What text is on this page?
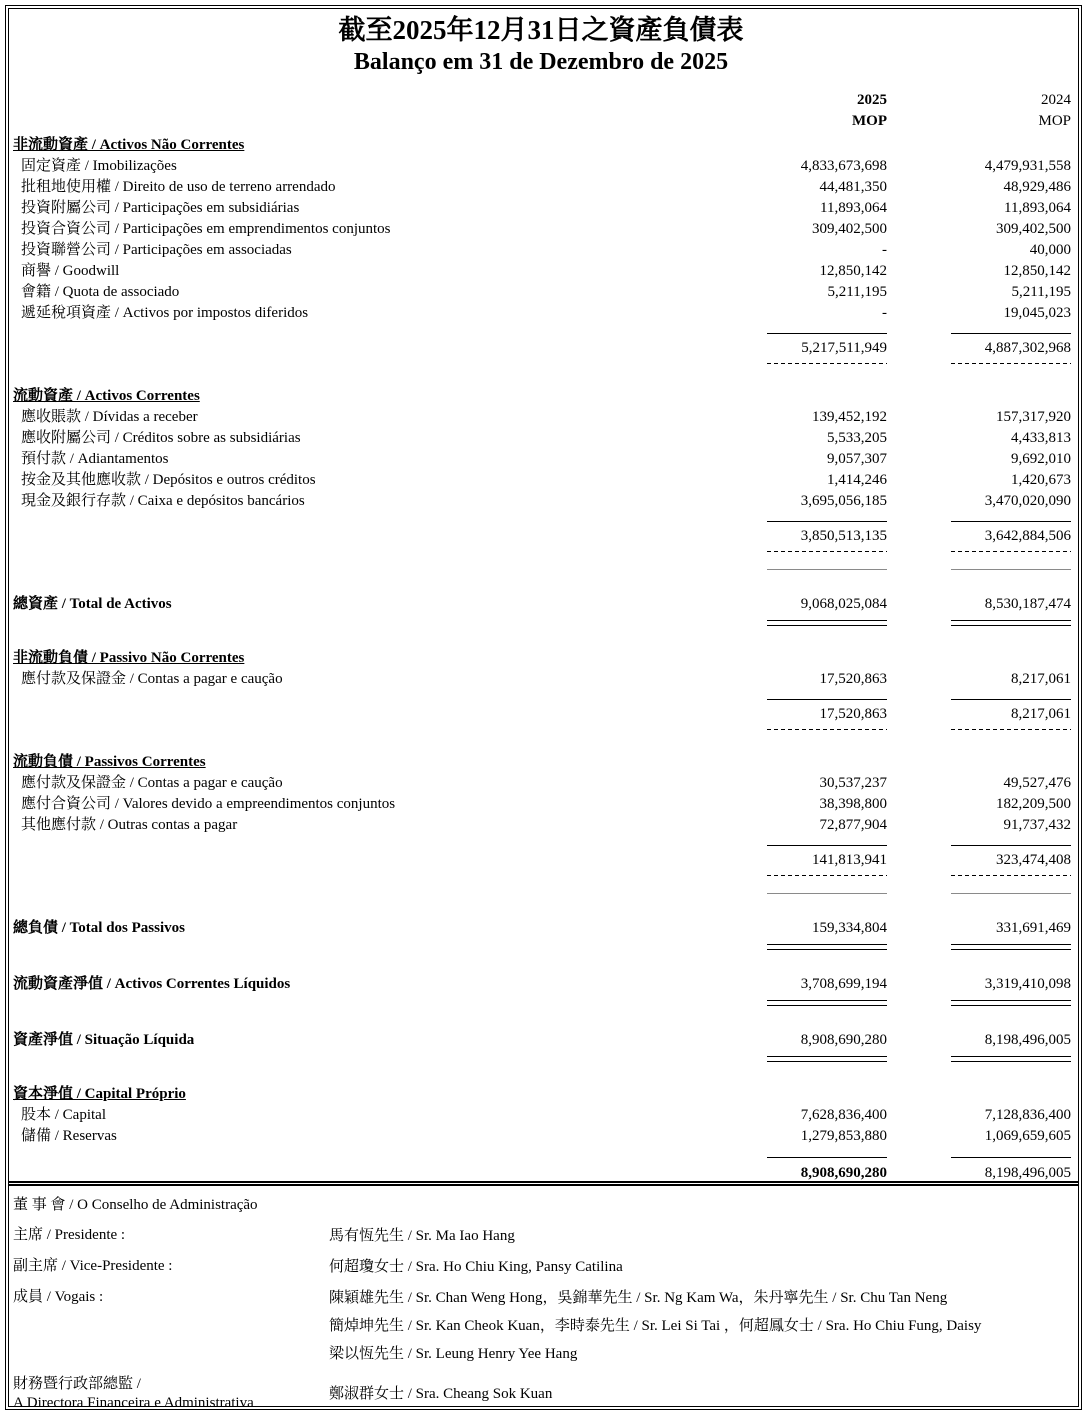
截至2025年12月31日之資產負債表
Balanço em 31 de Dezembro de 2025
2025	2024
MOP	MOP
非流動資產 / Activos Não Correntes
固定資產 / Imobilizações	4,833,673,698	4,479,931,558
批租地使用權 / Direito de uso de terreno arrendado	44,481,350	48,929,486
投資附屬公司 / Participações em subsidiárias	11,893,064	11,893,064
投資合資公司 / Participações em emprendimentos conjuntos	309,402,500	309,402,500
投資聯營公司 / Participações em associadas	-	40,000
商譽 / Goodwill	12,850,142	12,850,142
會籍 / Quota de associado	5,211,195	5,211,195
遞延稅項資產 / Activos por impostos diferidos	-	19,045,023
5,217,511,949	4,887,302,968
流動資產 / Activos Correntes
應收賬款 / Dívidas a receber	139,452,192	157,317,920
應收附屬公司 / Créditos sobre as subsidiárias	5,533,205	4,433,813
預付款 / Adiantamentos	9,057,307	9,692,010
按金及其他應收款 / Depósitos e outros créditos	1,414,246	1,420,673
現金及銀行存款 / Caixa e depósitos bancários	3,695,056,185	3,470,020,090
3,850,513,135	3,642,884,506
總資產 / Total de Activos	9,068,025,084	8,530,187,474
非流動負債 / Passivo Não Correntes
應付款及保證金 / Contas a pagar e caução	17,520,863	8,217,061
17,520,863	8,217,061
流動負債 / Passivos Correntes
應付款及保證金 / Contas a pagar e caução	30,537,237	49,527,476
應付合資公司 / Valores devido a empreendimentos conjuntos	38,398,800	182,209,500
其他應付款 / Outras contas a pagar	72,877,904	91,737,432
141,813,941	323,474,408
總負債 / Total dos Passivos	159,334,804	331,691,469
流動資產淨值 / Activos Correntes Líquidos	3,708,699,194	3,319,410,098
資產淨值 / Situação Líquida	8,908,690,280	8,198,496,005
資本淨值 / Capital Próprio
股本 / Capital	7,628,836,400	7,128,836,400
儲備 / Reservas	1,279,853,880	1,069,659,605
8,908,690,280	8,198,496,005
董 事 會 / O Conselho de Administração
主席 / Presidente :	馬有恆先生 / Sr. Ma Iao Hang
副主席 / Vice-Presidente :	何超瓊女士 / Sra. Ho Chiu King, Pansy Catilina
成員 / Vogais :	陳穎雄先生 / Sr. Chan Weng Hong，吳錦華先生 / Sr. Ng Kam Wa，朱丹寧先生 / Sr. Chu Tan Neng
簡焯坤先生 / Sr. Kan Cheok Kuan，李時泰先生 / Sr. Lei Si Tai ，何超鳳女士 / Sra. Ho Chiu Fung, Daisy
梁以恆先生 / Sr. Leung Henry Yee Hang
財務暨行政部總監 /
A Directora Financeira e Administrativa
鄭淑群女士 / Sra. Cheang Sok Kuan
